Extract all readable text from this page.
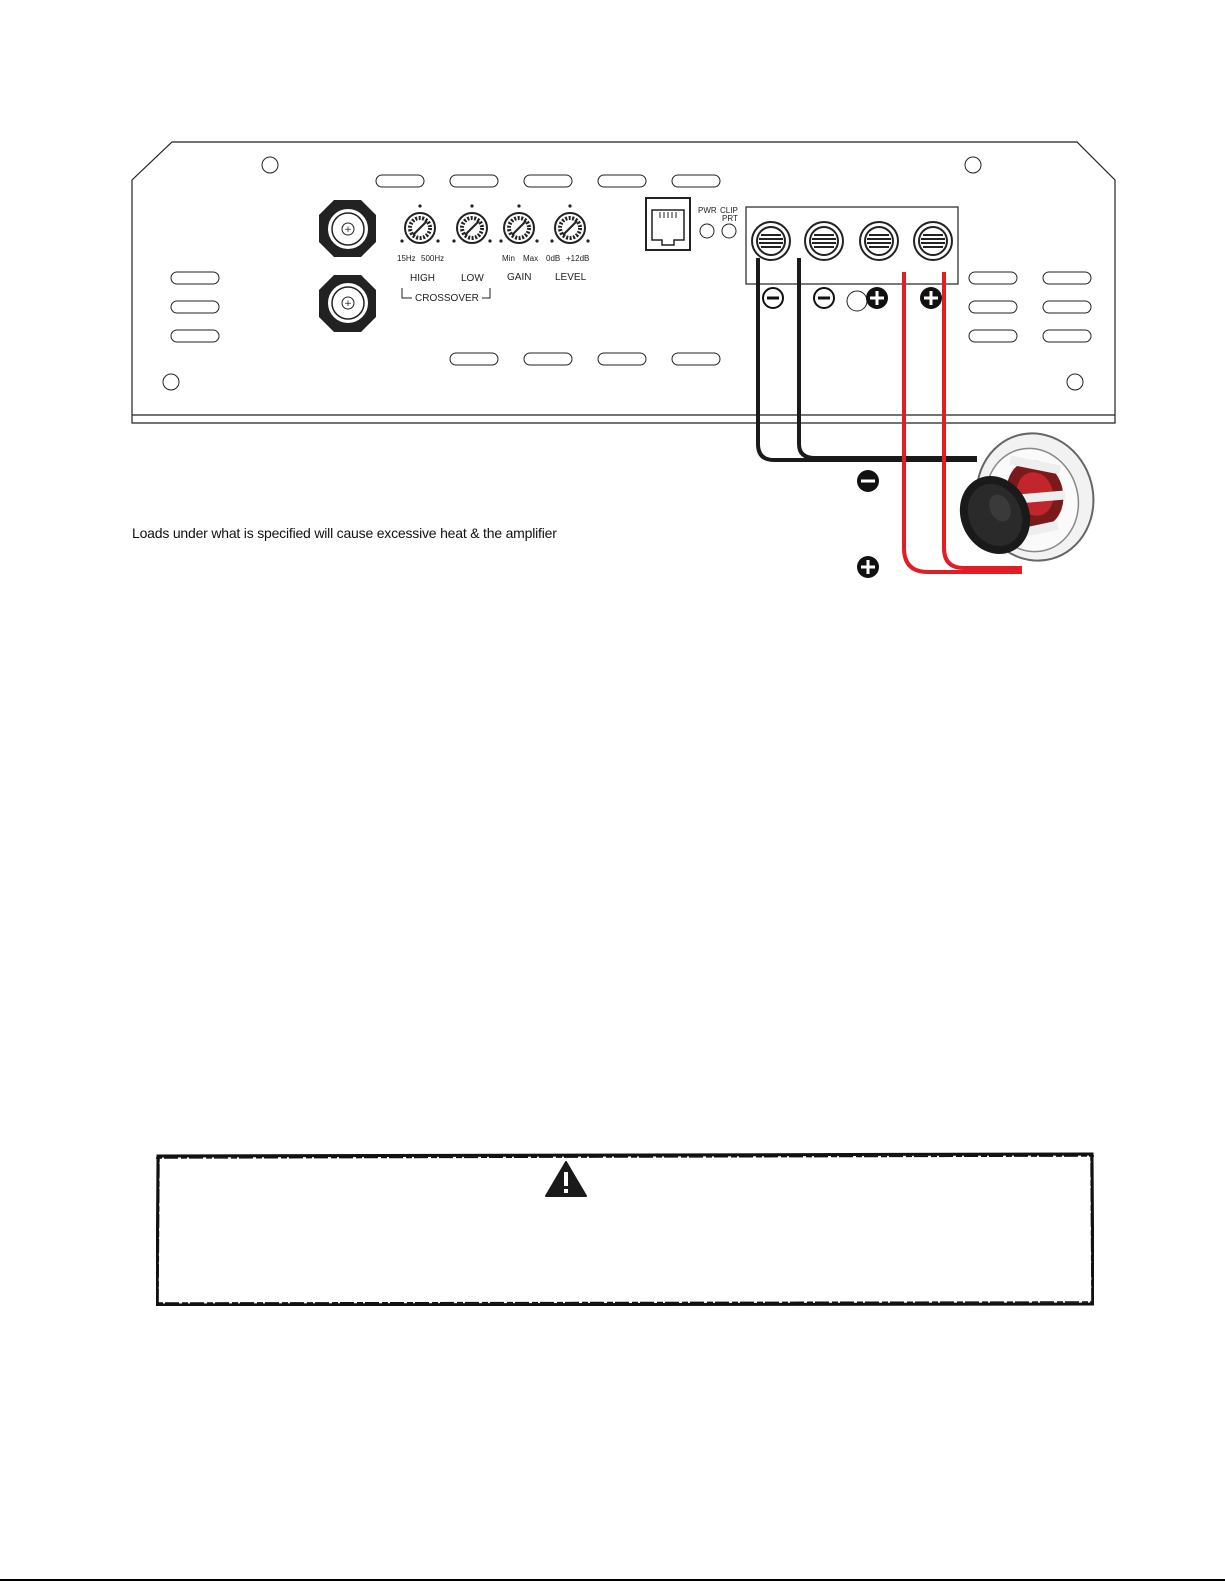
+
+
15Hz 500Hz	Min Max 0dB +12dB
HIGH	LOW GAIN LEVEL
CROSSOVER
PWR CLIP
PRT

Loads under what is specified will cause excessive heat & the amplifier
